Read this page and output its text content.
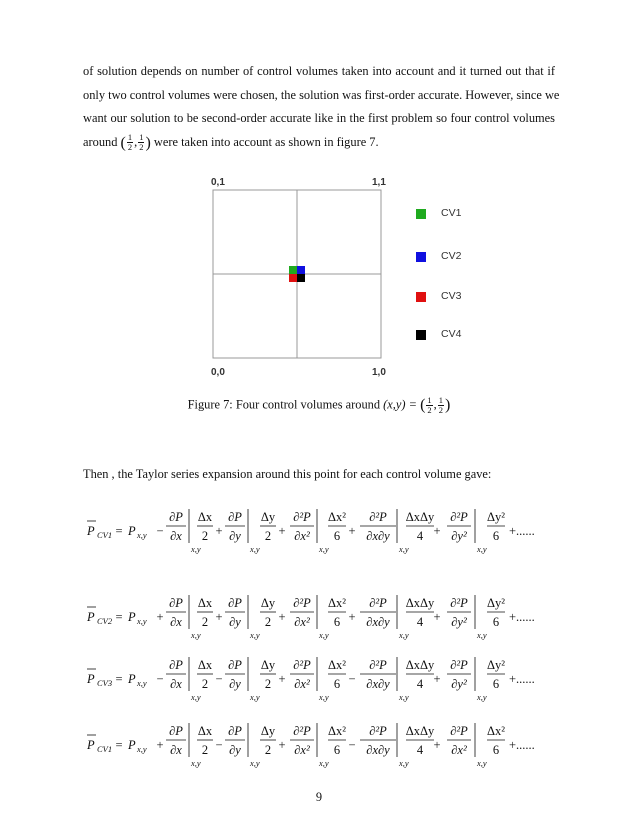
of solution depends on number of control volumes taken into account and it turned out that if
only two control volumes were chosen, the solution was first-order accurate. However, since we
want our solution to be second-order accurate like in the first problem so four control volumes
around ( $\frac{1}{2}$ , $\frac{1}{2}$ ) were taken into account as shown in figure 7.
0,1	1,1
0,0	1,0
CV1
CV2
CV3
CV4
Figure 7: Four control volumes around (x,y) = ( $\frac{1}{2}$ , $\frac{1}{2}$ )
Then , the Taylor series expansion around this point for each control volume gave:
P CV1 = P x,y −
∂P
∂x
x,y
Δx
2 +
∂P
∂y
x,y
Δy
2 +
∂²P
∂x²
x,y
Δx²
6 +
∂²P
∂x∂y
x,y
ΔxΔy
4 +
∂²P
∂y²
x,y
Δy²
6 +......
P CV2 = P x,y +
∂P
∂x
x,y
Δx
2 +
∂P
∂y
x,y
Δy
2 +
∂²P
∂x²
x,y
Δx²
6 +
∂²P
∂x∂y
x,y
ΔxΔy
4 +
∂²P
∂y²
x,y
Δy²
6 +......
P CV3 = P x,y −
∂P
∂x
x,y
Δx
2 −
∂P
∂y
x,y
Δy
2 +
∂²P
∂x²
x,y
Δx²
6 −
∂²P
∂x∂y
x,y
ΔxΔy
4 +
∂²P
∂y²
x,y
Δy²
6 +......
P CV1 = P x,y +
∂P
∂x
x,y
Δx
2 −
∂P
∂y
x,y
Δy
2 +
∂²P
∂x²
x,y
Δx²
6 −
∂²P
∂x∂y
x,y
ΔxΔy
4 +
∂²P
∂x²
x,y
Δx²
6 +......
9
